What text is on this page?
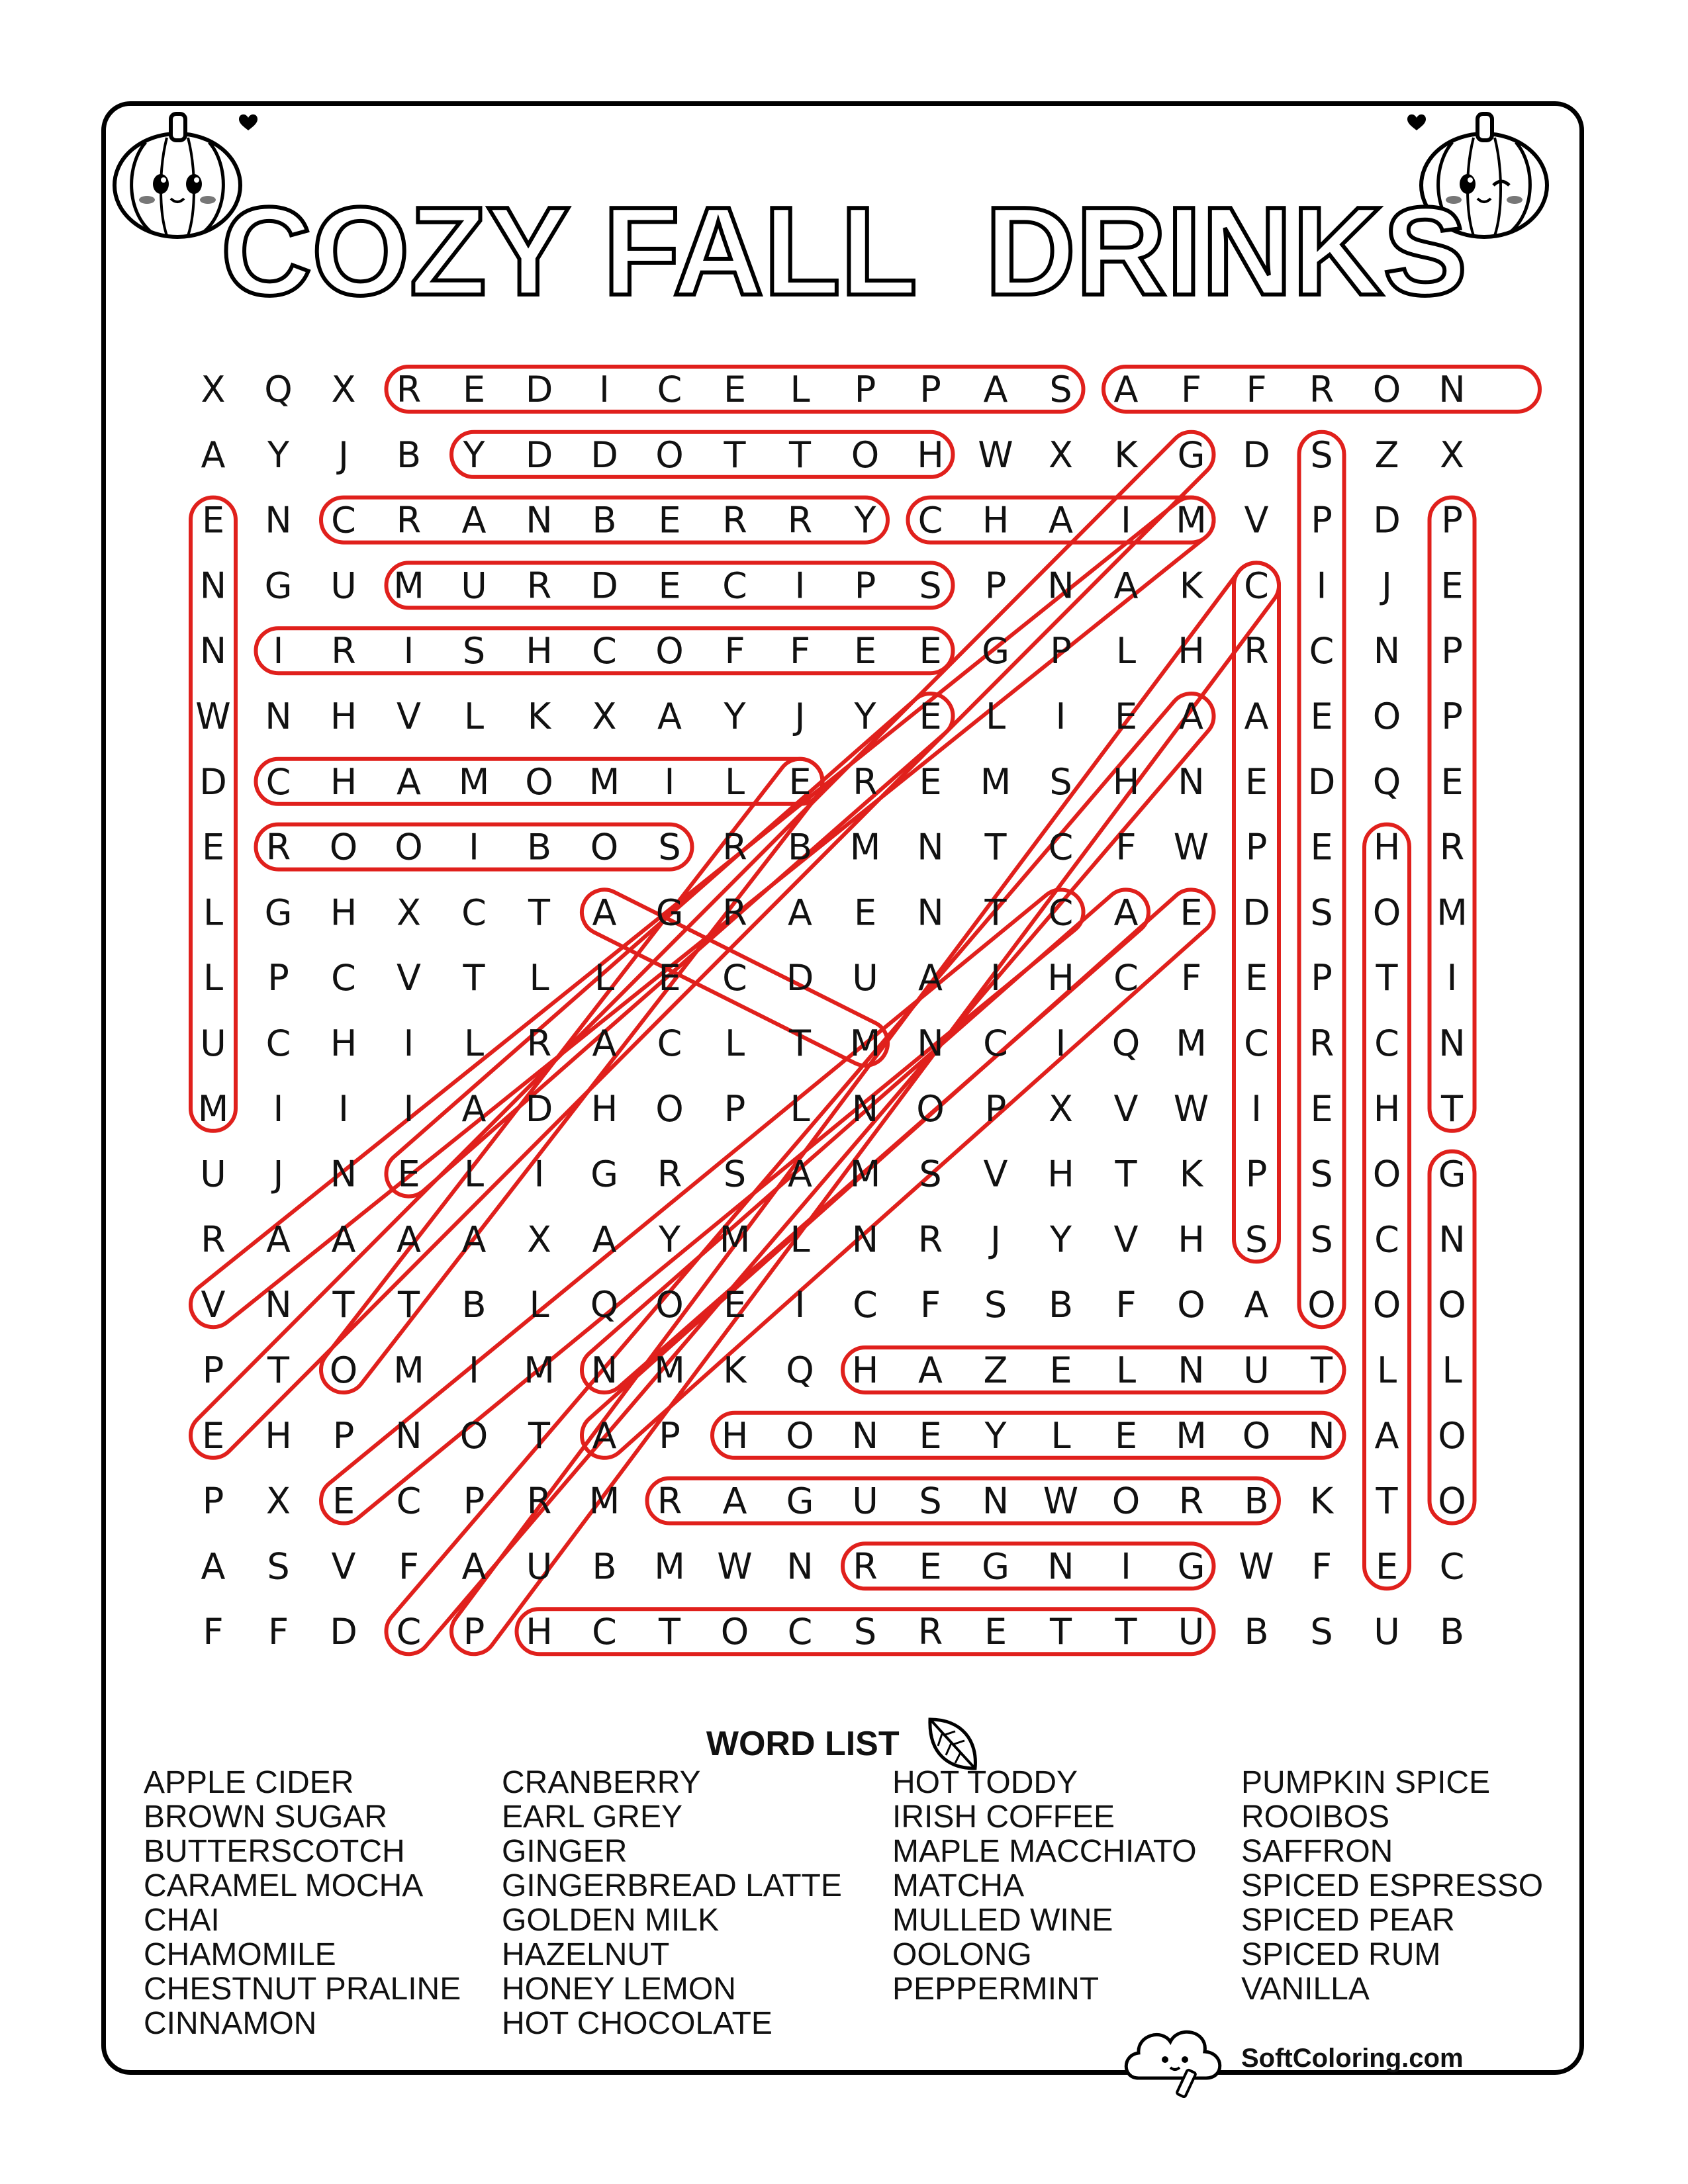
COZY FALL  DRINKS
X Q X R E D I C E L P P A S A F F R O N
A Y J B Y D D O T T O H W X K G D S Z X
E N C R A N B E R R Y C H A I M V P D P
N G U M U R D E C I P S P N A K C I J E
N I R I S H C O F F E E G P L H R C N P
W N H V L K X A Y J Y E L I E A A E O P
D C H A M O M I L E R E M S H N E D Q E
E R O O I B O S R B M N T C F W P E H R
L G H X C T A G R A E N T C A E D S O M
L P C V T L L E C D U A I H C F E P T I
U C H I L R A C L T M N C I Q M C R C N
M I I I A D H O P L N O P X V W I E H T
U J N E L I G R S A M S V H T K P S O G
R A A A A X A Y M L N R J Y V H S S C N
V N T T B L Q O E I C F S B F O A O O O
P T O M I M N M K Q H A Z E L N U T L L
E H P N O T A P H O N E Y L E M O N A O
P X E C P R M R A G U S N W O R B K T O
A S V F A U B M W N R E G N I G W F E C
F F D C P H C T O C S R E T T U B S U B
WORD LIST
APPLE CIDER
BROWN SUGAR
BUTTERSCOTCH
CARAMEL MOCHA
CHAI
CHAMOMILE
CHESTNUT PRALINE
CINNAMON
CRANBERRY
EARL GREY
GINGER
GINGERBREAD LATTE
GOLDEN MILK
HAZELNUT
HONEY LEMON
HOT CHOCOLATE
HOT TODDY
IRISH COFFEE
MAPLE MACCHIATO
MATCHA
MULLED WINE
OOLONG
PEPPERMINT
PUMPKIN SPICE
ROOIBOS
SAFFRON
SPICED ESPRESSO
SPICED PEAR
SPICED RUM
VANILLA
SoftColoring.com
